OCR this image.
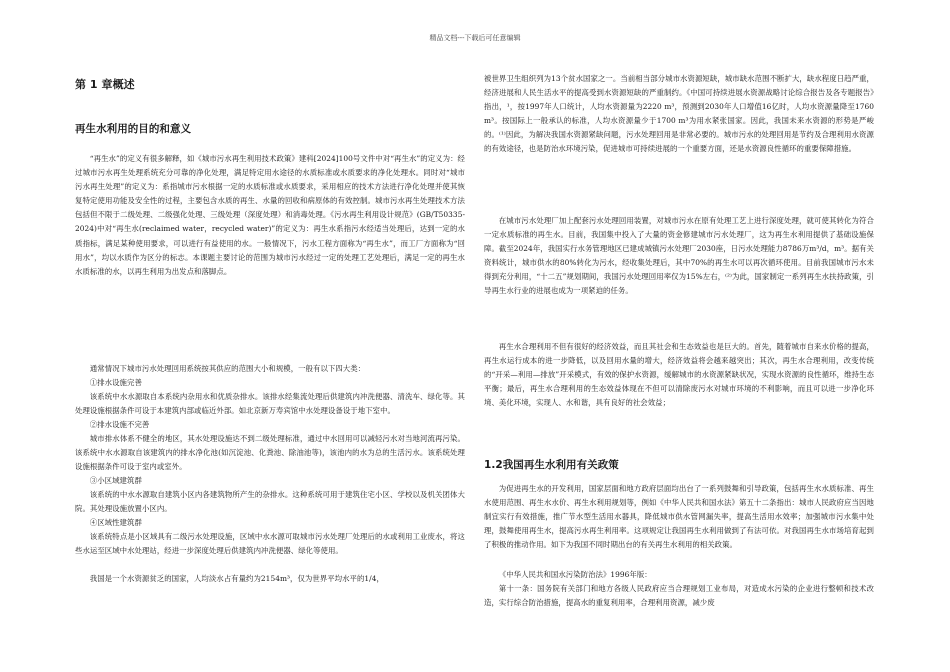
精品文档---下载后可任意编辑
第 1 章概述
再生水利用的目的和意义

“再生水”的定义有很多解释，如《城市污水再生利用技术政策》建科[2024]100号文件中对“再生水”的定义为：经过城市污水再生处理系统充分可靠的净化处理，满足特定用水途径的水质标准或水质要求的净化处理水。同时对“城市污水再生处理”的定义为：系指城市污水根据一定的水质标准或水质要求，采用相应的技术方法进行净化处理并使其恢复特定使用功能及安全性的过程，主要包含水质的再生、水量的回收和病原体的有效控制。城市污水再生处理技术方法包括但不限于二级处理、二级强化处理、三级处理（深度处理）和消毒处理。《污水再生利用设计规范》(GB/T50335-2024)中对“再生水(reclaimed water，recycled water)”的定义为：再生水系指污水经适当处理后，达到一定的水质指标，满足某种使用要求，可以进行有益使用的水。一般情况下，污水工程方面称为“再生水”，而工厂方面称为“回用水”，均以水质作为区分的标志。本课题主要讨论的范围为城市污水经过一定的处理工艺处理后，满足一定的再生水水质标准的水，以再生利用为出发点和落脚点。

通常情况下城市污水处理回用系统按其供应的范围大小和规模，一般有以下四大类：

①排水设施完善

该系统中水水源取自本系统内杂用水和优质杂排水。该排水经集流处理后供建筑内冲洗便器、清洗车、绿化等。其处理设施根据条件可设于本建筑内部或临近外部。如北京新万寿宾馆中水处理设备设于地下室中。

②排水设施不完善

城市排水体系不健全的地区，其水处理设施达不到二级处理标准，通过中水回用可以减轻污水对当地河流再污染。该系统中水水源取自该建筑内的排水净化池(如沉淀池、化粪池、除油池等)，该池内的水为总的生活污水。该系统处理设施根据条件可设于室内或室外。

③小区域建筑群

该系统的中水水源取自建筑小区内各建筑物所产生的杂排水。这种系统可用于建筑住宅小区、学校以及机关团体大院。其处理设施放置小区内。

④区域性建筑群

该系统特点是小区域具有二级污水处理设施，区域中水水源可取城市污水处理厂处理后的水或利用工业废水，将这些水运至区域中水处理站，经进一步深度处理后供建筑内冲洗便器、绿化等使用。

我国是一个水资源贫乏的国家，人均淡水占有量约为2154m³，仅为世界平均水平的1/4，

被世界卫生组织列为13个贫水国家之一。当前相当部分城市水资源短缺，城市缺水范围不断扩大，缺水程度日趋严重，经济进展和人民生活水平的提高受到水资源短缺的严重制约。《中国可持续进展水资源战略讨论综合报告及各专题报告》指出，¹，按1997年人口统计，人均水资源量为2220 m³，预测到2030年人口增值16亿时，人均水资源量降至1760m³。按国际上一般承认的标准，人均水资源量少于1700 m³为用水紧张国家。因此，我国未来水资源的形势是严峻的。⁽¹⁾因此，为解决我国水资源紧缺问题，污水处理回用是非常必要的。城市污水的处理回用是节约及合理利用水资源的有效途径，也是防治水环境污染，促进城市可持续进展的一个重要方面，还是水资源良性循环的重要保障措施。

在城市污水处理厂加上配套污水处理回用装置，对城市污水在原有处理工艺上进行深度处理，就可使其转化为符合一定水质标准的再生水。目前，我国集中投入了大量的资金修建城市污水处理厂，这为再生水利用提供了基础设施保障。截至2024年，我国实行水务管理地区已建成城镇污水处理厂2030座，日污水处理能力8786万m³/d，m³。据有关资料统计，城市供水的80%转化为污水，经收集处理后，其中70%的再生水可以再次循环使用。目前我国城市污水未得到充分利用，“十二五”规划期间，我国污水处理回用率仅为15%左右，⁽²⁾为此，国家制定一系列再生水扶持政策，引导再生水行业的进展也成为一项紧迫的任务。

再生水合理利用不但有很好的经济效益，而且其社会和生态效益也是巨大的。首先，随着城市自来水价格的提高，再生水运行成本的进一步降低，以及回用水量的增大，经济效益将会越来越突出；其次，再生水合理利用，改变传统的“开采—利用—排放”开采模式，有效的保护水资源，缓解城市的水资源紧缺状况，实现水资源的良性循环，维持生态平衡；最后，再生水合理利用的生态效益体现在不但可以清除废污水对城市环境的不利影响，而且可以进一步净化环境、美化环境，实现人、水和谐，具有良好的社会效益；

1.2我国再生水利用有关政策

为促进再生水的开发利用，国家层面和地方政府层面均出台了一系列鼓舞和引导政策，包括再生水水质标准、再生水使用范围、再生水水价、再生水利用规划等，例如《中华人民共和国水法》第五十二条指出：城市人民政府应当因地制宜实行有效措施，推广节水型生活用水器具，降低城市供水管网漏失率，提高生活用水效率；加强城市污水集中处理，鼓舞使用再生水，提高污水再生利用率。这项规定让我国再生水利用做到了有法可依。对我国再生水市场培育起到了积极的推动作用。如下为我国不同时期出台的有关再生水利用的相关政策。

《中华人民共和国水污染防治法》1996年版：

第十一条：国务院有关部门和地方各级人民政府应当合理规划工业布局，对造成水污染的企业进行整顿和技术改造，实行综合防治措施，提高水的重复利用率，合理利用资源，减少废
